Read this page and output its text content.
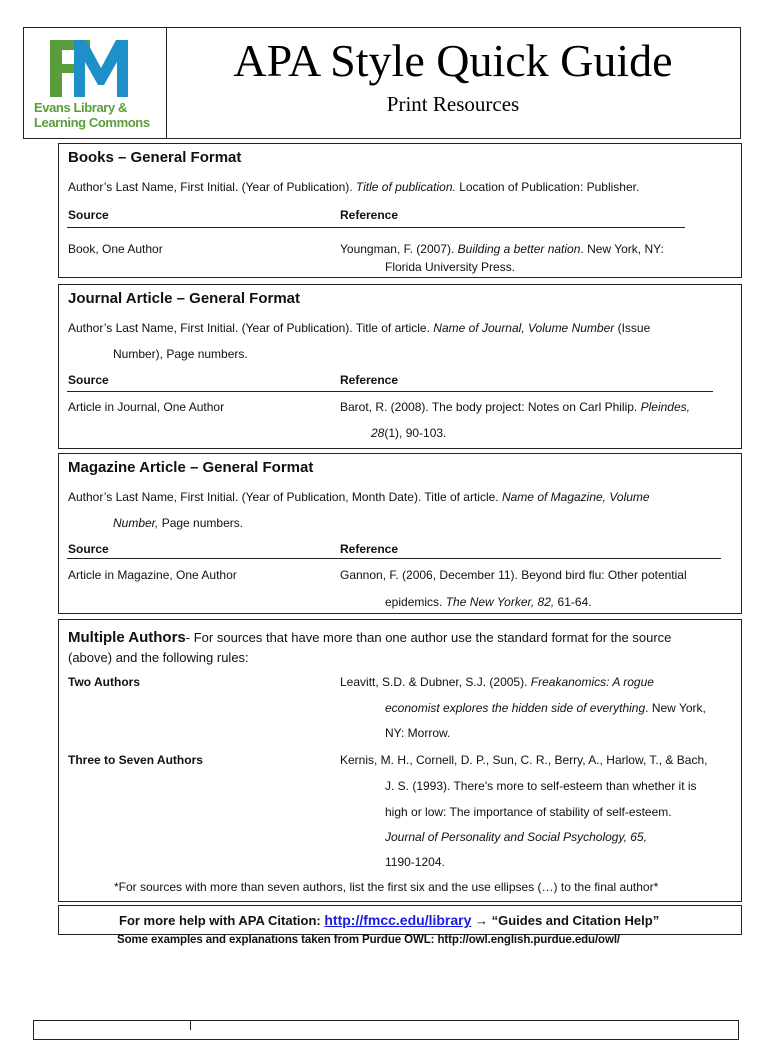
Evans Library &
Learning Commons
APA Style Quick Guide
Print Resources
Books – General Format
Author’s Last Name, First Initial. (Year of Publication). Title of publication. Location of Publication: Publisher.
Source	Reference
Book, One Author	Youngman, F. (2007). Building a better nation. New York, NY:
Florida University Press.
Journal Article – General Format
Author’s Last Name, First Initial. (Year of Publication). Title of article. Name of Journal, Volume Number (Issue
Number), Page numbers.
Source	Reference
Article in Journal, One Author	Barot, R. (2008). The body project: Notes on Carl Philip. Pleindes,
28(1), 90-103.
Magazine Article – General Format
Author’s Last Name, First Initial. (Year of Publication, Month Date). Title of article. Name of Magazine, Volume
Number, Page numbers.
Source	Reference
Article in Magazine, One Author	Gannon, F. (2006, December 11). Beyond bird flu: Other potential
epidemics. The New Yorker, 82, 61-64.
Multiple Authors- For sources that have more than one author use the standard format for the source
(above) and the following rules:
Two Authors	Leavitt, S.D. & Dubner, S.J. (2005). Freakanomics: A rogue
economist explores the hidden side of everything. New York,
NY: Morrow.
Three to Seven Authors	Kernis, M. H., Cornell, D. P., Sun, C. R., Berry, A., Harlow, T., & Bach,
J. S. (1993). There's more to self-esteem than whether it is
high or low: The importance of stability of self-esteem.
Journal of Personality and Social Psychology, 65,
1190-1204.
*For sources with more than seven authors, list the first six and the use ellipses (…) to the final author*
For more help with APA Citation: http://fmcc.edu/library → “Guides and Citation Help”
Some examples and explanations taken from Purdue OWL: http://owl.english.purdue.edu/owl/
